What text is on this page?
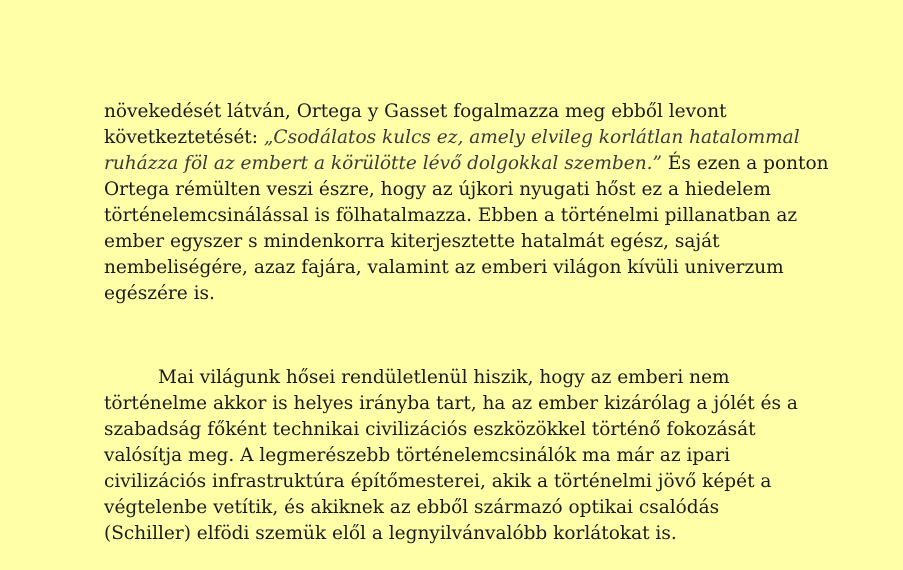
növekedését látván, Ortega y Gasset fogalmazza meg ebből levont
következtetését: „Csodálatos kulcs ez, amely elvileg korlátlan hatalommal
ruházza föl az embert a körülötte lévő dolgokkal szemben.” És ezen a ponton
Ortega rémülten veszi észre, hogy az újkori nyugati hőst ez a hiedelem
történelemcsinálással is fölhatalmazza. Ebben a történelmi pillanatban az
ember egyszer s mindenkorra kiterjesztette hatalmát egész, saját
nembeliségére, azaz fajára, valamint az emberi világon kívüli univerzum
egészére is.
Mai világunk hősei rendületlenül hiszik, hogy az emberi nem
történelme akkor is helyes irányba tart, ha az ember kizárólag a jólét és a
szabadság főként technikai civilizációs eszközökkel történő fokozását
valósítja meg. A legmerészebb történelemcsinálók ma már az ipari
civilizációs infrastruktúra építőmesterei, akik a történelmi jövő képét a
végtelenbe vetítik, és akiknek az ebből származó optikai csalódás
(Schiller) elfödi szemük elől a legnyilvánvalóbb korlátokat is.
